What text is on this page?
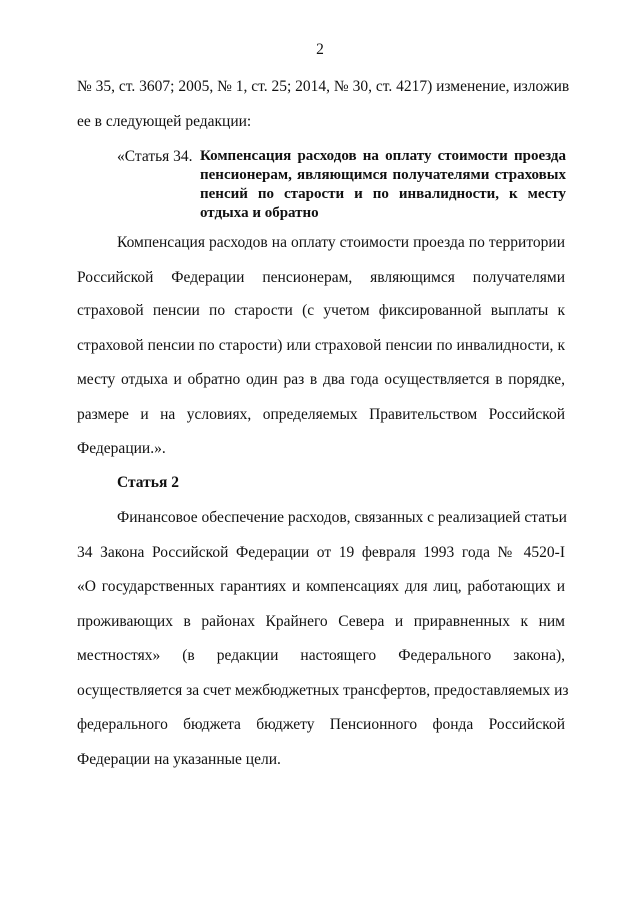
2
№ 35, ст. 3607; 2005, № 1, ст. 25; 2014, № 30, ст. 4217) изменение, изложив
ее в следующей редакции:
«Статья 34. Компенсация расходов на оплату стоимости проезда
пенсионерам, являющимся получателями страховых
пенсий по старости и по инвалидности, к месту
отдыха и обратно
Компенсация расходов на оплату стоимости проезда по территории
Российской Федерации пенсионерам, являющимся получателями
страховой пенсии по старости (с учетом фиксированной выплаты к
страховой пенсии по старости) или страховой пенсии по инвалидности, к
месту отдыха и обратно один раз в два года осуществляется в порядке,
размере и на условиях, определяемых Правительством Российской
Федерации.».
Статья 2
Финансовое обеспечение расходов, связанных с реализацией статьи
34 Закона Российской Федерации от 19 февраля 1993 года № 4520-I
«О государственных гарантиях и компенсациях для лиц, работающих и
проживающих в районах Крайнего Севера и приравненных к ним
местностях» (в редакции настоящего Федерального закона),
осуществляется за счет межбюджетных трансфертов, предоставляемых из
федерального бюджета бюджету Пенсионного фонда Российской
Федерации на указанные цели.
